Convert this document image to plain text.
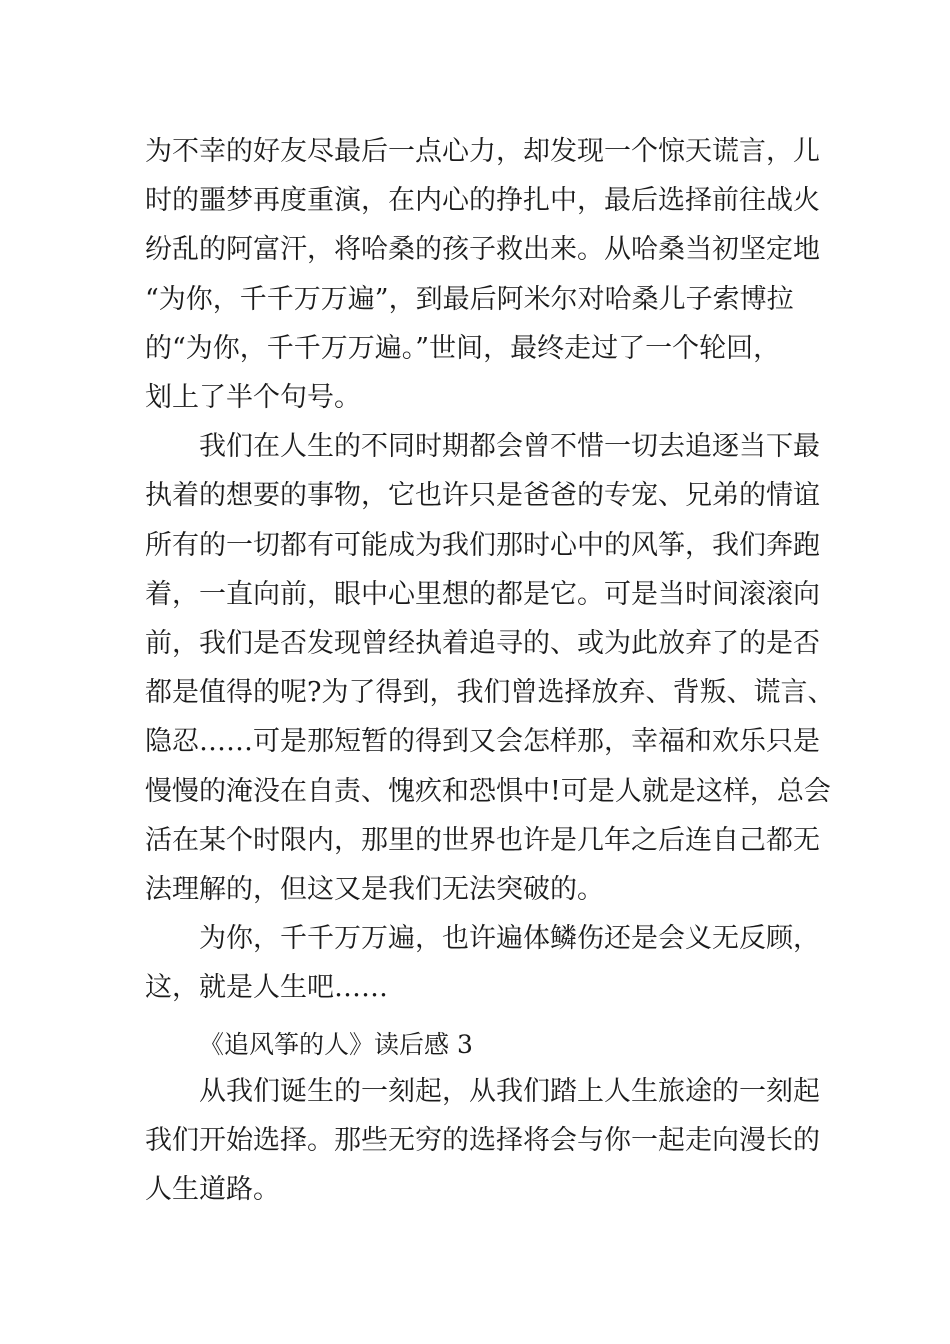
为不幸的好友尽最后一点心力，却发现一个惊天谎言，儿
时的噩梦再度重演，在内心的挣扎中，最后选择前往战火
纷乱的阿富汗，将哈桑的孩子救出来。从哈桑当初坚定地
“为你，千千万万遍”，到最后阿米尔对哈桑儿子索博拉
的“为你，千千万万遍。”世间，最终走过了一个轮回，
划上了半个句号。
我们在人生的不同时期都会曾不惜一切去追逐当下最
执着的想要的事物，它也许只是爸爸的专宠、兄弟的情谊
所有的一切都有可能成为我们那时心中的风筝，我们奔跑
着，一直向前，眼中心里想的都是它。可是当时间滚滚向
前，我们是否发现曾经执着追寻的、或为此放弃了的是否
都是值得的呢?为了得到，我们曾选择放弃、背叛、谎言、
隐忍……可是那短暂的得到又会怎样那，幸福和欢乐只是
慢慢的淹没在自责、愧疚和恐惧中!可是人就是这样，总会
活在某个时限内，那里的世界也许是几年之后连自己都无
法理解的，但这又是我们无法突破的。
为你，千千万万遍，也许遍体鳞伤还是会义无反顾，
这，就是人生吧……
《追风筝的人》读后感 3
从我们诞生的一刻起，从我们踏上人生旅途的一刻起
我们开始选择。那些无穷的选择将会与你一起走向漫长的
人生道路。
